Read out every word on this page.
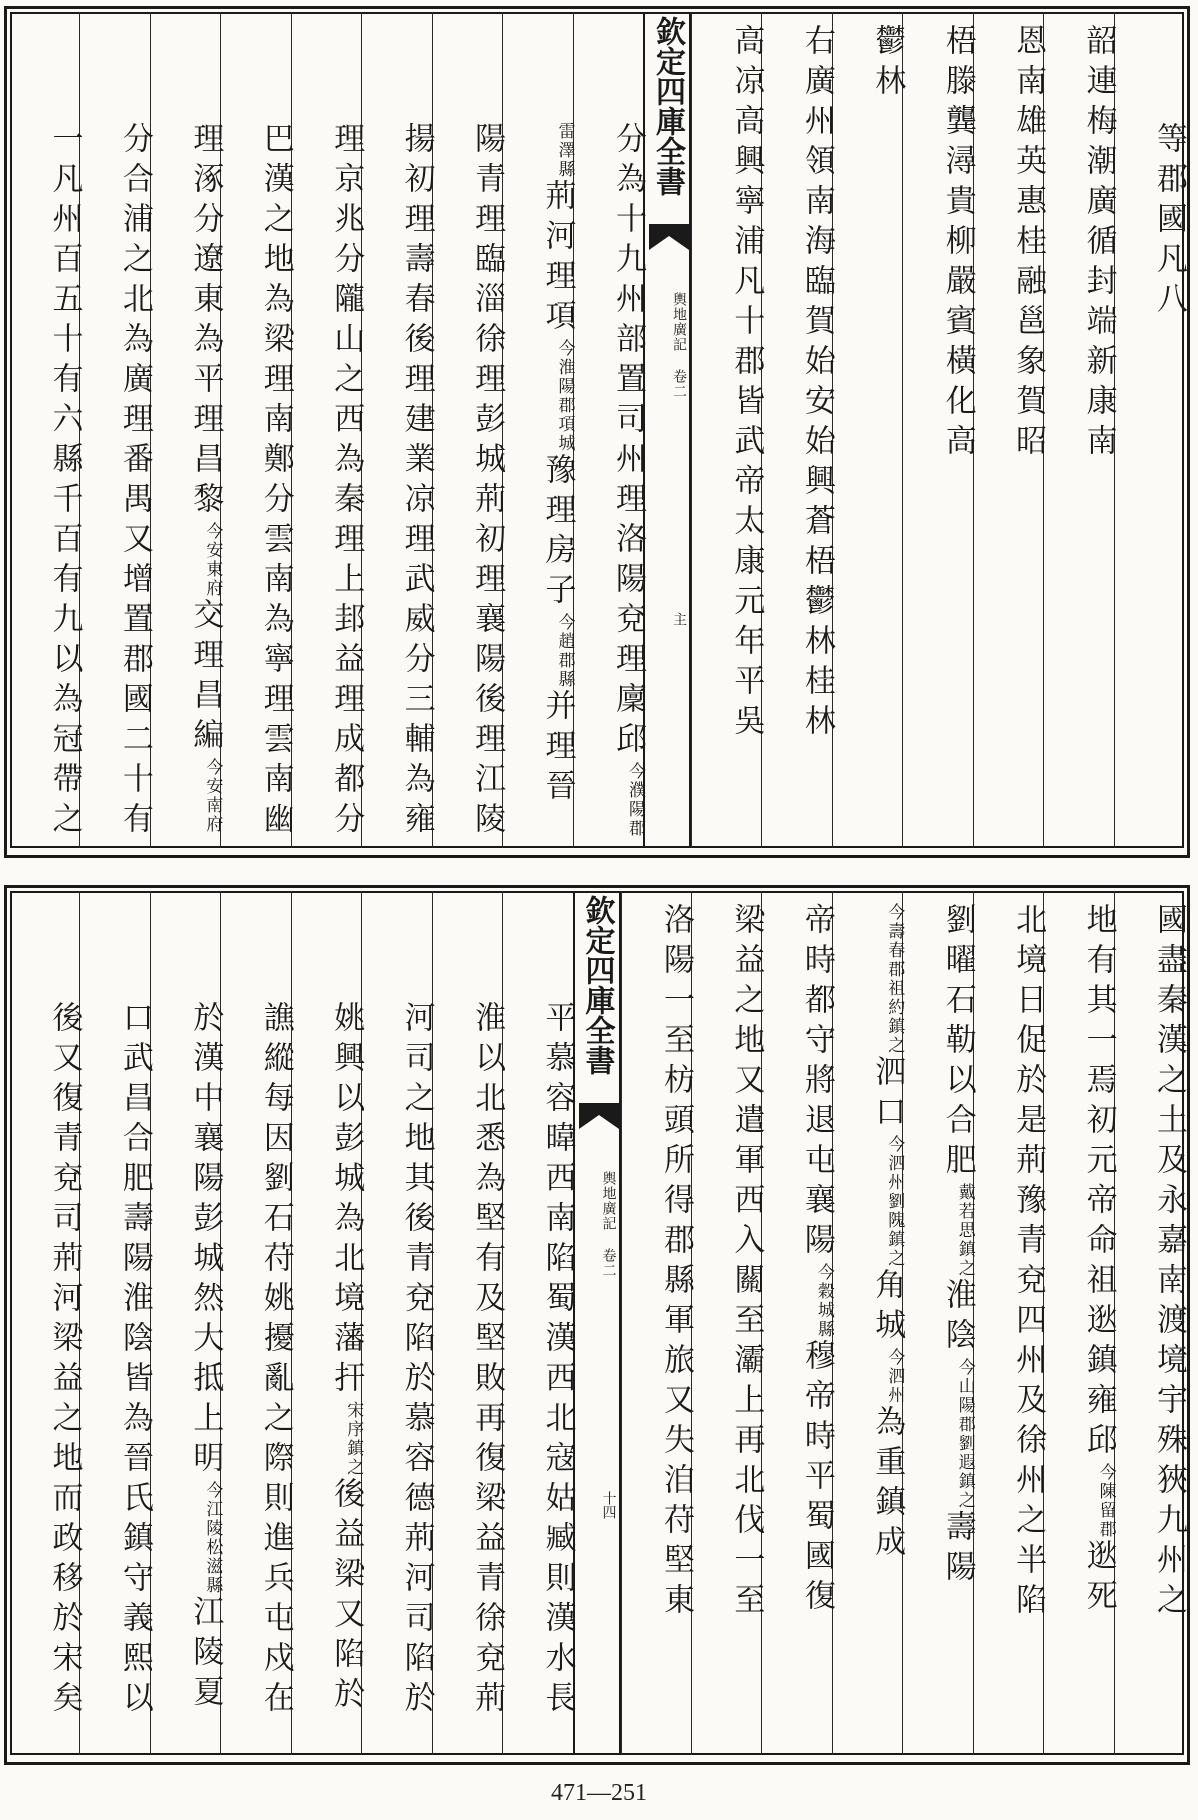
等郡國凡八
韶連梅潮廣循封端新康南
恩南雄英惠桂融邕象賀昭
梧滕龔潯貴柳嚴賓橫化高
鬱林
右廣州領南海臨賀始安始興蒼梧鬱林桂林
高凉高興寧浦凡十郡皆武帝太康元年平吳
欽定四庫全書
輿地廣記 卷二
主
分為十九州部置司州理洛陽兗理廩邱
今濮陽郡
雷澤縣
荊河理項
今淮陽郡項城
豫理房子
今趙郡縣
并理晉
陽青理臨淄徐理彭城荊初理襄陽後理江陵
揚初理壽春後理建業凉理武威分三輔為雍
理京兆分隴山之西為秦理上邽益理成都分
巴漢之地為梁理南鄭分雲南為寧理雲南幽
理涿分遼東為平理昌黎
今安東府
交理昌編
今安南府
分合浦之北為廣理番禺又增置郡國二十有
一凡州百五十有六縣千百有九以為冠帶之
國盡秦漢之土及永嘉南渡境宇殊狹九州之
地有其一焉初元帝命祖逖鎮雍邱
今陳留郡
逖死
北境日促於是荊豫青兗四州及徐州之半陷
劉曜石勒以合肥
戴若思鎮之
淮陰
今山陽郡劉遐鎮之
壽陽
今壽春郡祖約鎮之
泗口
今泗州劉隗鎮之
角城
今泗州
為重鎮成
帝時都守將退屯襄陽
今穀城縣
穆帝時平蜀國復
梁益之地又遣軍西入關至灞上再北伐一至
洛陽一至枋頭所得郡縣軍旅又失洎苻堅東
欽定四庫全書
輿地廣記 卷二
十四
平慕容暐西南陷蜀漢西北寇姑臧則漢水長
淮以北悉為堅有及堅敗再復梁益青徐兗荊
河司之地其後青兗陷於慕容德荊河司陷於
姚興以彭城為北境藩扞
宋序鎮之
後益梁又陷於
譙縱每因劉石苻姚擾亂之際則進兵屯戍在
於漢中襄陽彭城然大抵上明
今江陵松滋縣
江陵夏
口武昌合肥壽陽淮陰皆為晉氏鎮守義熙以
後又復青兗司荊河梁益之地而政移於宋矣
471—251
